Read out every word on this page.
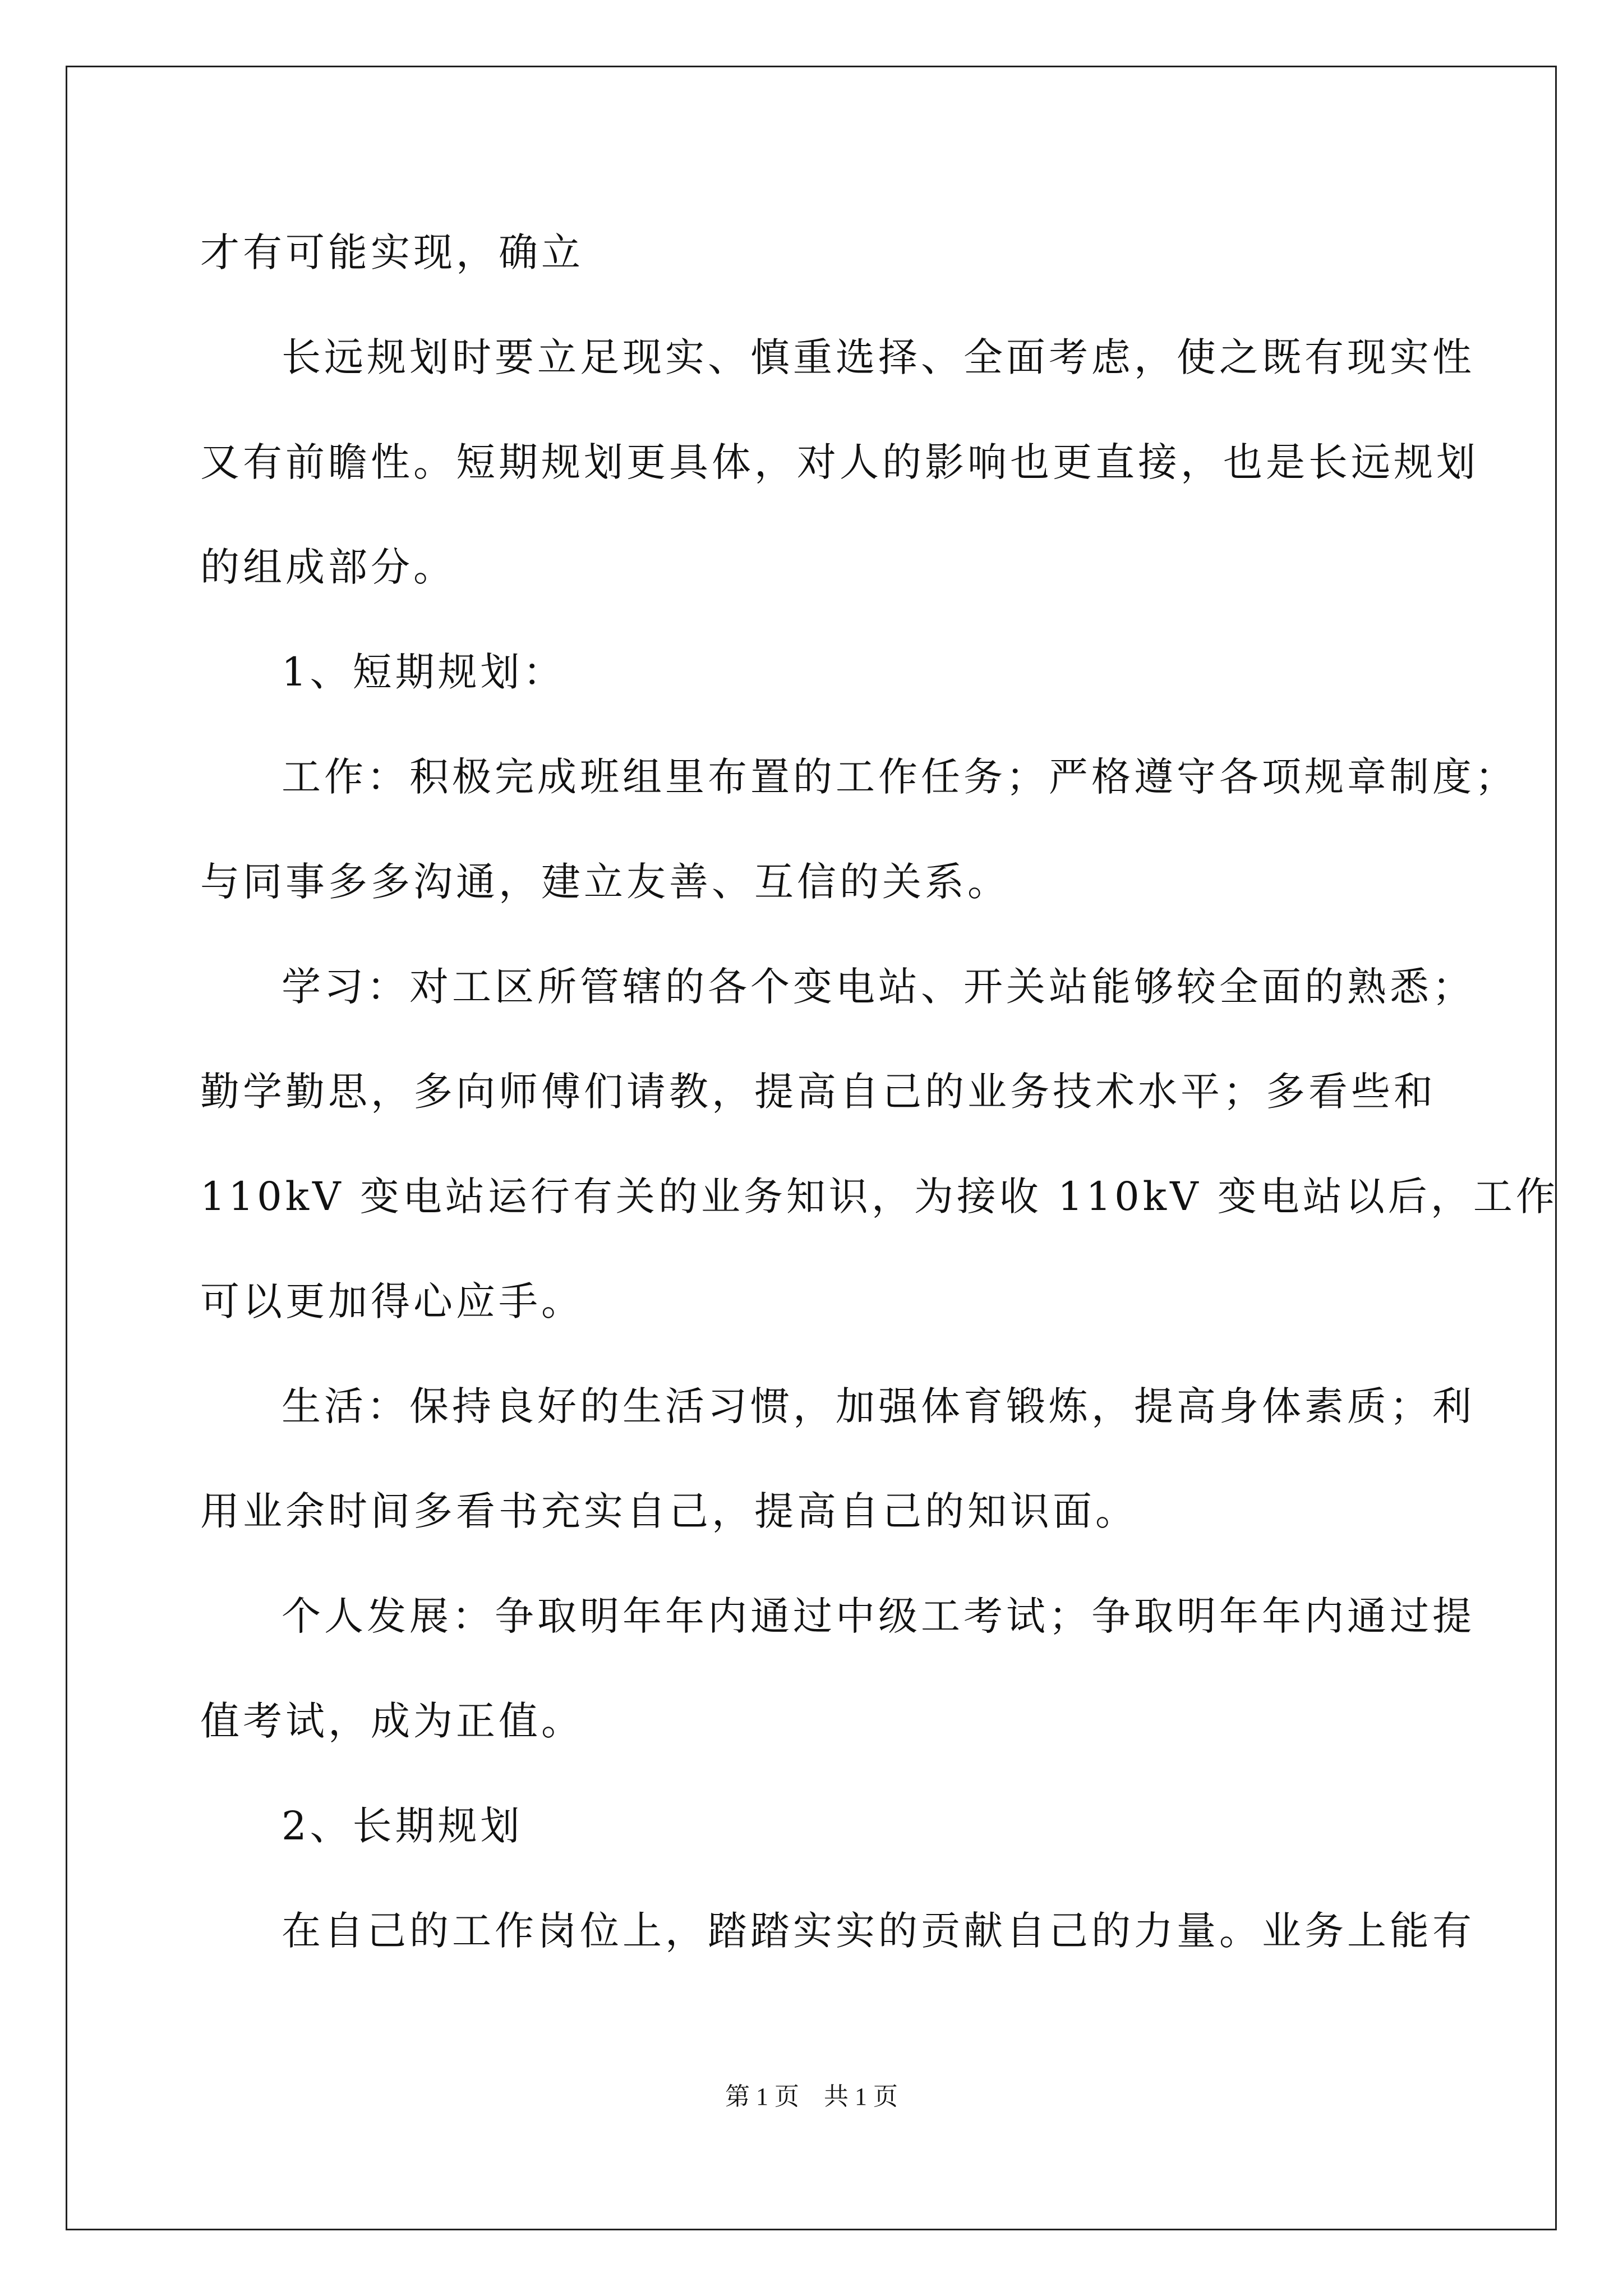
才有可能实现，确立
长远规划时要立足现实、慎重选择、全面考虑，使之既有现实性
又有前瞻性。短期规划更具体，对人的影响也更直接，也是长远规划
的组成部分。
1、短期规划：
工作：积极完成班组里布置的工作任务；严格遵守各项规章制度；
与同事多多沟通，建立友善、互信的关系。
学习：对工区所管辖的各个变电站、开关站能够较全面的熟悉；
勤学勤思，多向师傅们请教，提高自己的业务技术水平；多看些和
110kV 变电站运行有关的业务知识，为接收 110kV 变电站以后，工作
可以更加得心应手。
生活：保持良好的生活习惯，加强体育锻炼，提高身体素质；利
用业余时间多看书充实自己，提高自己的知识面。
个人发展：争取明年年内通过中级工考试；争取明年年内通过提
值考试，成为正值。
2、长期规划
在自己的工作岗位上，踏踏实实的贡献自己的力量。业务上能有
第 1 页　共 1 页
